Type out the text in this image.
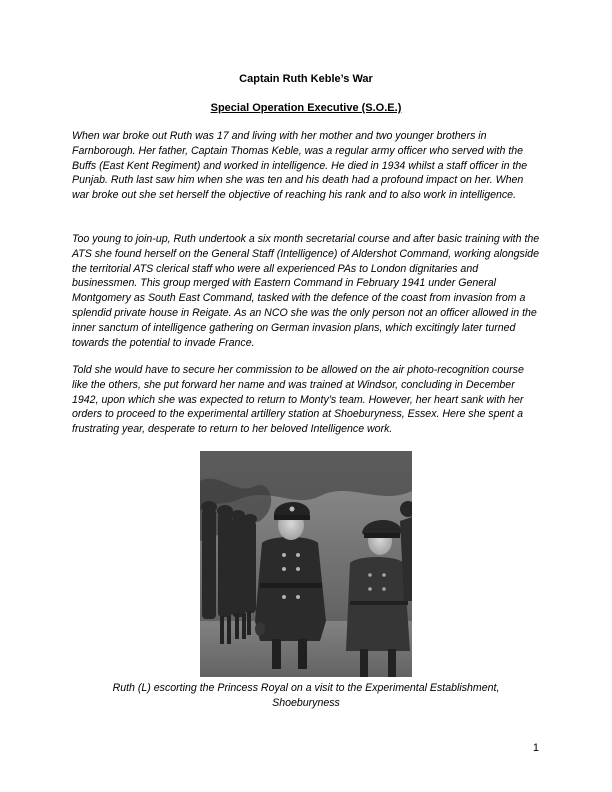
Captain Ruth Keble’s War
Special Operation Executive (S.O.E.)

When war broke out Ruth was 17 and living with her mother and two younger brothers in Farnborough. Her father, Captain Thomas Keble, was a regular army officer who served with the Buffs (East Kent Regiment) and worked in intelligence. He died in 1934 whilst a staff officer in the Punjab. Ruth last saw him when she was ten and his death had a profound impact on her. When war broke out she set herself the objective of reaching his rank and to also work in intelligence.

Too young to join-up, Ruth undertook a six month secretarial course and after basic training with the ATS she found herself on the General Staff (Intelligence) of Aldershot Command, working alongside the territorial ATS clerical staff who were all experienced PAs to London dignitaries and businessmen. This group merged with Eastern Command in February 1941 under General Montgomery as South East Command, tasked with the defence of the coast from invasion from a splendid private house in Reigate. As an NCO she was the only person not an officer allowed in the inner sanctum of intelligence gathering on German invasion plans, which excitingly later turned towards the potential to invade France.

Told she would have to secure her commission to be allowed on the air photo-recognition course like the others, she put forward her name and was trained at Windsor, concluding in December 1942, upon which she was expected to return to Monty’s team. However, her heart sank with her orders to proceed to the experimental artillery station at Shoeburyness, Essex. Here she spent a frustrating year, desperate to return to her beloved Intelligence work.

Ruth (L) escorting the Princess Royal on a visit to the Experimental Establishment, Shoeburyness
1
